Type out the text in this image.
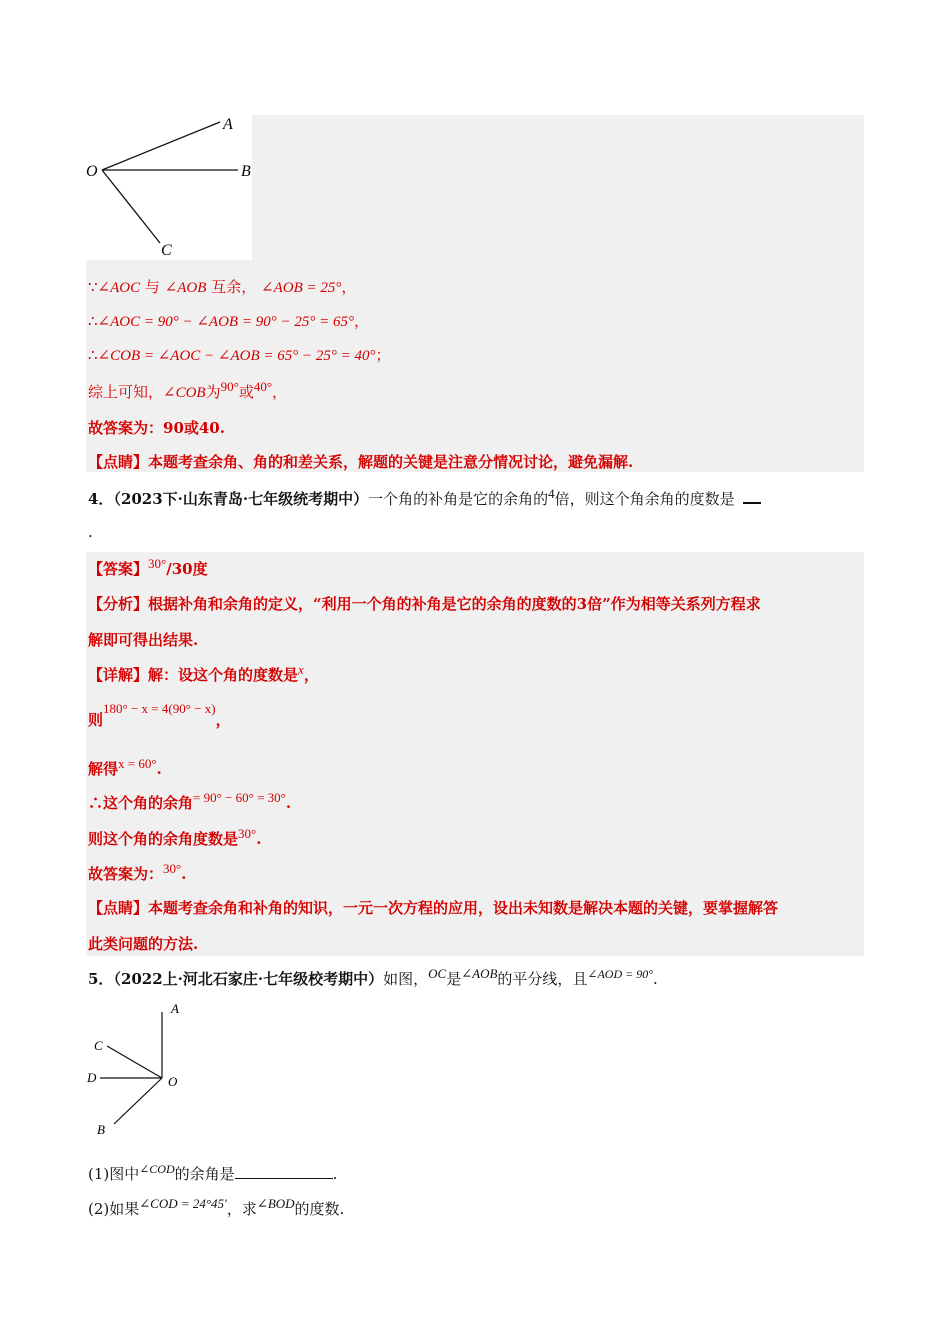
O
A
B
C
∵∠AOC 与 ∠AOB 互余， ∠AOB = 25°，
∴∠AOC = 90° − ∠AOB = 90° − 25° = 65°，
∴∠COB = ∠AOC − ∠AOB = 65° − 25° = 40°；
综上可知，∠COB为90°或40°，
故答案为：90或40.
【点睛】本题考查余角、角的和差关系，解题的关键是注意分情况讨论，避免漏解.
4．（2023下·山东青岛·七年级统考期中）一个角的补角是它的余角的4倍，则这个角余角的度数是
.
【答案】30°/30度
【分析】根据补角和余角的定义，“利用一个角的补角是它的余角的度数的3倍”作为相等关系列方程求
解即可得出结果.
【详解】解：设这个角的度数是x，
则180° − x = 4(90° − x)，
解得x = 60°.
∴这个角的余角= 90° − 60° = 30°.
则这个角的余角度数是30°.
故答案为：30°.
【点睛】本题考查余角和补角的知识，一元一次方程的应用，设出未知数是解决本题的关键，要掌握解答
此类问题的方法.
5．（2022上·河北石家庄·七年级校考期中）如图，OC是∠AOB的平分线，且$^{\angle AOD = 90^\circ}$.
A
C
D	O
B
(1)图中$^{\angle COD}$的余角是	.
(2)如果∠COD = 24°45′，求∠BOD的度数.
